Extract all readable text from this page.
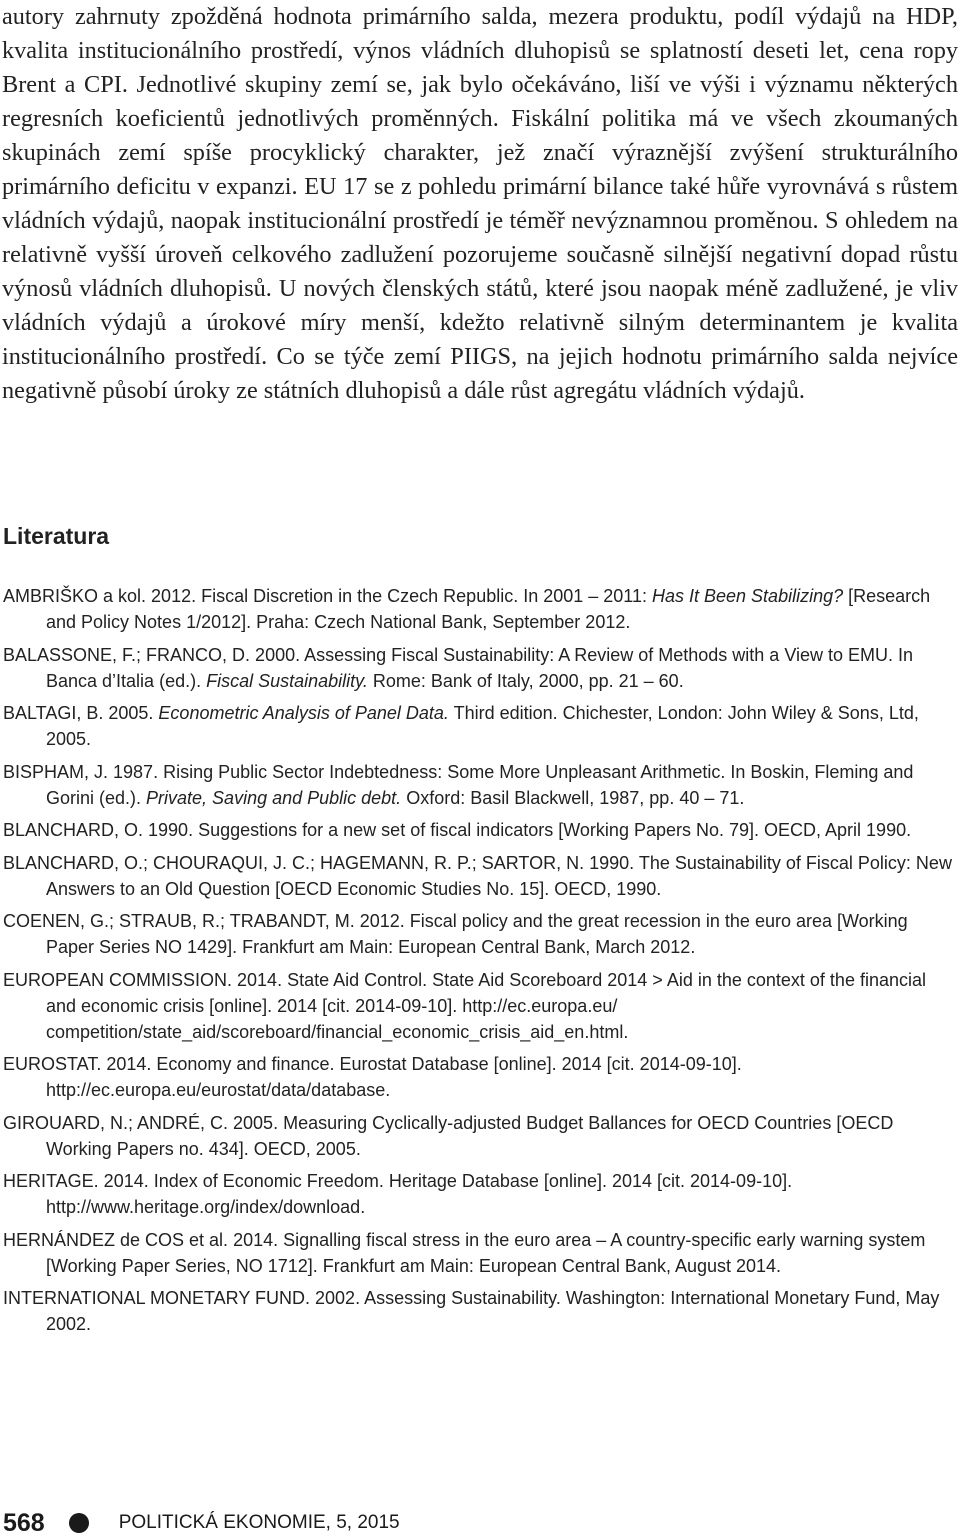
autory zahrnuty zpožděná hodnota primárního salda, mezera produktu, podíl výdajů na HDP, kvalita institucionálního prostředí, výnos vládních dluhopisů se splatností deseti let, cena ropy Brent a CPI. Jednotlivé skupiny zemí se, jak bylo očekáváno, liší ve výši i významu některých regresních koeficientů jednotlivých proměnných. Fiskální politika má ve všech zkoumaných skupinách zemí spíše procyklický charakter, jež značí výraznější zvýšení strukturálního primárního deficitu v expanzi. EU 17 se z pohledu primární bilance také hůře vyrovnává s růstem vládních výdajů, naopak institucionální prostředí je téměř nevýznamnou proměnou. S ohledem na relativně vyšší úroveň celkového zadlužení pozorujeme současně silnější negativní dopad růstu výnosů vládních dluhopisů. U nových členských států, které jsou naopak méně zadlužené, je vliv vládních výdajů a úrokové míry menší, kdežto relativně silným determinantem je kvalita institucionálního prostředí. Co se týče zemí PIIGS, na jejich hodnotu primárního salda nejvíce negativně působí úroky ze státních dluhopisů a dále růst agregátu vládních výdajů.

Literatura
AMBRIŠKO a kol. 2012. Fiscal Discretion in the Czech Republic. In 2001 – 2011: Has It Been Stabilizing? [Research and Policy Notes 1/2012]. Praha: Czech National Bank, September 2012.
BALASSONE, F.; FRANCO, D. 2000. Assessing Fiscal Sustainability: A Review of Methods with a View to EMU. In Banca d’Italia (ed.). Fiscal Sustainability. Rome: Bank of Italy, 2000, pp. 21 – 60.
BALTAGI, B. 2005. Econometric Analysis of Panel Data. Third edition. Chichester, London: John Wiley & Sons, Ltd, 2005.
BISPHAM, J. 1987. Rising Public Sector Indebtedness: Some More Unpleasant Arithmetic. In Boskin, Fleming and Gorini (ed.). Private, Saving and Public debt. Oxford: Basil Blackwell, 1987, pp. 40 – 71.
BLANCHARD, O. 1990. Suggestions for a new set of fiscal indicators [Working Papers No. 79]. OECD, April 1990.
BLANCHARD, O.; CHOURAQUI, J. C.; HAGEMANN, R. P.; SARTOR, N. 1990. The Sustainability of Fiscal Policy: New Answers to an Old Question [OECD Economic Studies No. 15]. OECD, 1990.
COENEN, G.; STRAUB, R.; TRABANDT, M. 2012. Fiscal policy and the great recession in the euro area [Working Paper Series NO 1429]. Frankfurt am Main: European Central Bank, March 2012.
EUROPEAN COMMISSION. 2014. State Aid Control. State Aid Scoreboard 2014 > Aid in the context of the financial and economic crisis [online]. 2014 [cit. 2014-09-10]. http://ec.europa.eu/ competition/state_aid/scoreboard/financial_economic_crisis_aid_en.html.
EUROSTAT. 2014. Economy and finance. Eurostat Database [online]. 2014 [cit. 2014-09-10]. http://ec.europa.eu/eurostat/data/database.
GIROUARD, N.; ANDRÉ, C. 2005. Measuring Cyclically-adjusted Budget Ballances for OECD Countries [OECD Working Papers no. 434]. OECD, 2005.
HERITAGE. 2014. Index of Economic Freedom. Heritage Database [online]. 2014 [cit. 2014-09-10]. http://www.heritage.org/index/download.
HERNÁNDEZ de COS et al. 2014. Signalling fiscal stress in the euro area – A country-specific early warning system [Working Paper Series, NO 1712]. Frankfurt am Main: European Central Bank, August 2014.
INTERNATIONAL MONETARY FUND. 2002. Assessing Sustainability. Washington: International Monetary Fund, May 2002.
568	POLITICKÁ EKONOMIE, 5, 2015
